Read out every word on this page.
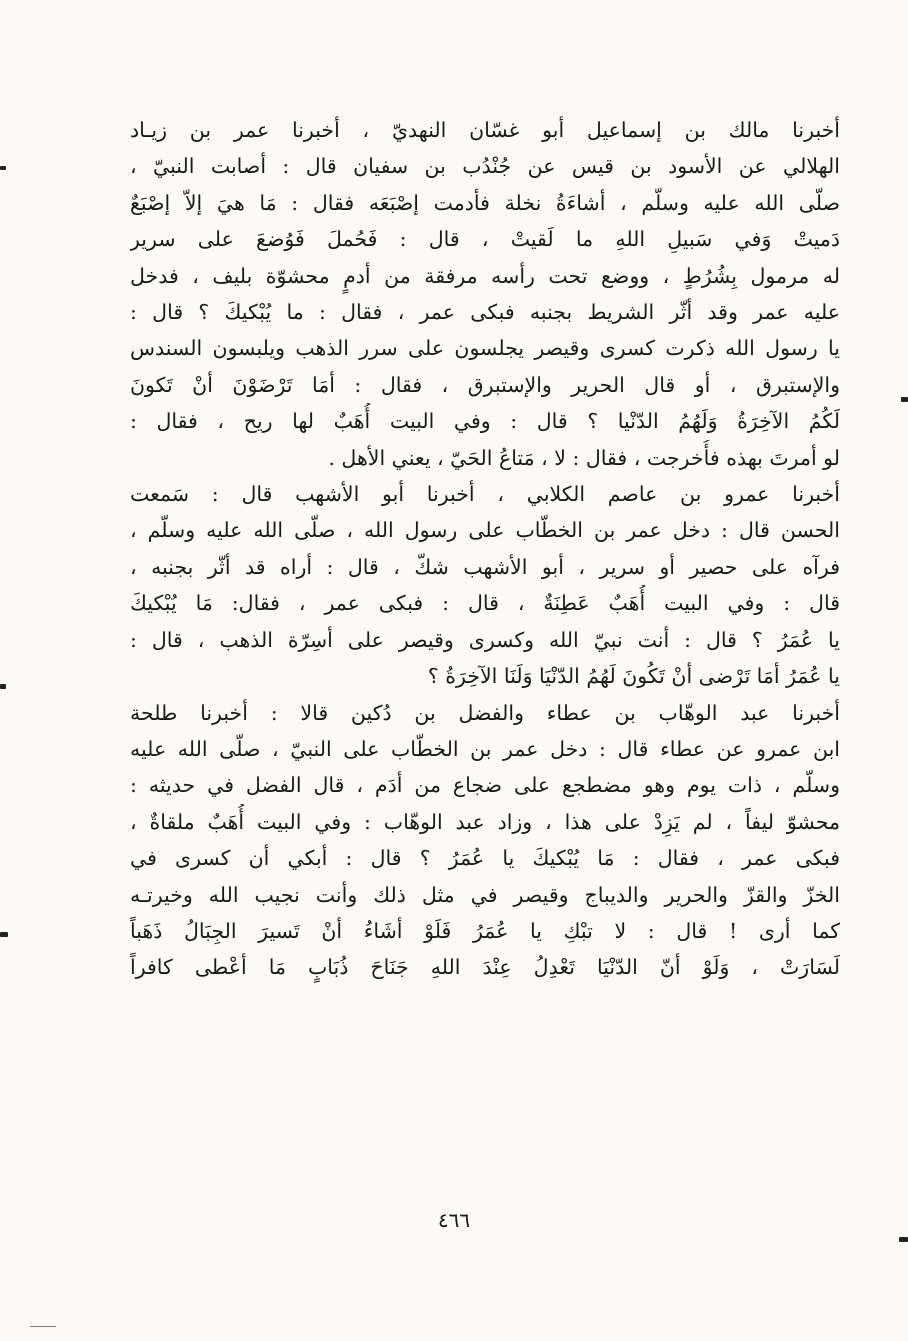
أخبرنا مالك بن إسماعيل أبو غسّان النهديّ ، أخبرنا عمر بن زيـاد
الهلالي عن الأسود بن قيس عن جُنْدُب بن سفيان قال : أصابت النبيّ ،
صلّى الله عليه وسلّم ، أشاءَةُ نخلة فأدمت إصْبَعَه فقال : مَا هيَ إلاّ إصْبَعٌ
دَميتْ وَفي سَبيلِ اللهِ ما لَقيتْ ، قال : فَحُملَ فَوُضعَ على سرير
له مرمول بِشُرُطٍ ، ووضع تحت رأسه مرفقة من أدمٍ محشوّة بليف ، فدخل
عليه عمر وقد أثّر الشريط بجنبه فبكى عمر ، فقال : ما يُبْكيكَ ؟ قال :
يا رسول الله ذكرت كسرى وقيصر يجلسون على سرر الذهب ويلبسون السندس
والإستبرق ، أو قال الحرير والإستبرق ، فقال : أمَا تَرْضَوْنَ أنْ تَكونَ
لَكُمُ الآخِرَةُ وَلَهُمُ الدّنْيا ؟ قال : وفي البيت أُهَبٌ لها ريح ، فقال :
لو أمرتَ بهذه فأُخرجت ، فقال : لا ، مَتاعُ الحَيّ ، يعني الأهل .

أخبرنا عمرو بن عاصم الكلابي ، أخبرنا أبو الأشهب قال : سَمعت
الحسن قال : دخل عمر بن الخطّاب على رسول الله ، صلّى الله عليه وسلّم ،
فرآه على حصير أو سرير ، أبو الأشهب شكّ ، قال : أراه قد أثّر بجنبه ،
قال : وفي البيت أُهَبٌ عَطِنَةٌ ، قال : فبكى عمر ، فقال: مَا يُبْكيكَ
يا عُمَرُ ؟ قال : أنت نبيّ الله وكسرى وقيصر على أسِرّة الذهب ، قال :
يا عُمَرُ أمَا تَرْضى أنْ تَكُونَ لَهُمُ الدّنْيَا وَلَنَا الآخِرَةُ ؟

أخبرنا عبد الوهّاب بن عطاء والفضل بن دُكين قالا : أخبرنا طلحة
ابن عمرو عن عطاء قال : دخل عمر بن الخطّاب على النبيّ ، صلّى الله عليه
وسلّم ، ذات يوم وهو مضطجع على ضجاع من أدَم ، قال الفضل في حديثه :
محشوّ ليفاً ، لم يَزِدْ على هذا ، وزاد عبد الوهّاب : وفي البيت أُهَبٌ ملقاةٌ ،
فبكى عمر ، فقال : مَا يُبْكيكَ يا عُمَرُ ؟ قال : أبكي أن كسرى في
الخزّ والقزّ والحرير والديباج وقيصر في مثل ذلك وأنت نجيب الله وخيرتـه
كما أرى ! قال : لا تبْكِ يا عُمَرُ فَلَوْ أشَاءُ أنْ تَسيرَ الجِبَالُ ذَهَباً
لَسَارَتْ ، وَلَوْ أنّ الدّنْيَا تَعْدِلُ عِنْدَ اللهِ جَنَاحَ ذُبَابٍ مَا أعْطى كافراً

٤٦٦
